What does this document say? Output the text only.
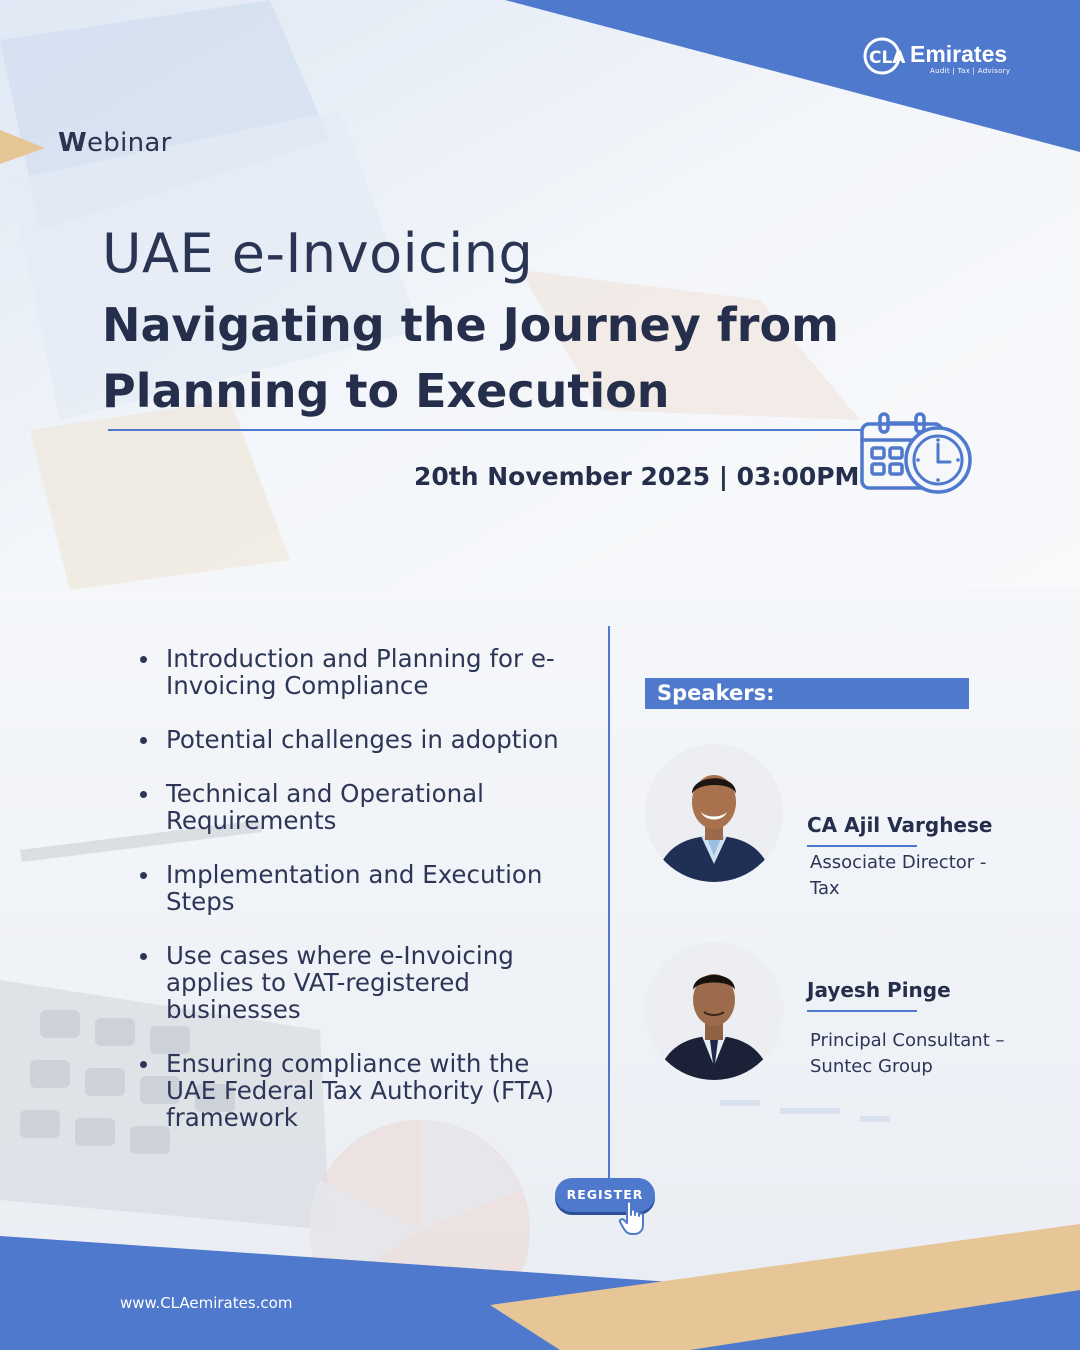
CLA Emirates
Audit | Tax | Advisory
Webinar
UAE e-Invoicing
Navigating the Journey from Planning to Execution
20th November 2025 | 03:00PM
Introduction and Planning for e-Invoicing Compliance
Potential challenges in adoption
Technical and Operational Requirements
Implementation and Execution Steps
Use cases where e-Invoicing applies to VAT-registered businesses
Ensuring compliance with the UAE Federal Tax Authority (FTA) framework
Speakers:
CA Ajil Varghese
Associate Director - Tax
Jayesh Pinge
Principal Consultant – Suntec Group
REGISTER
www.CLAemirates.com
